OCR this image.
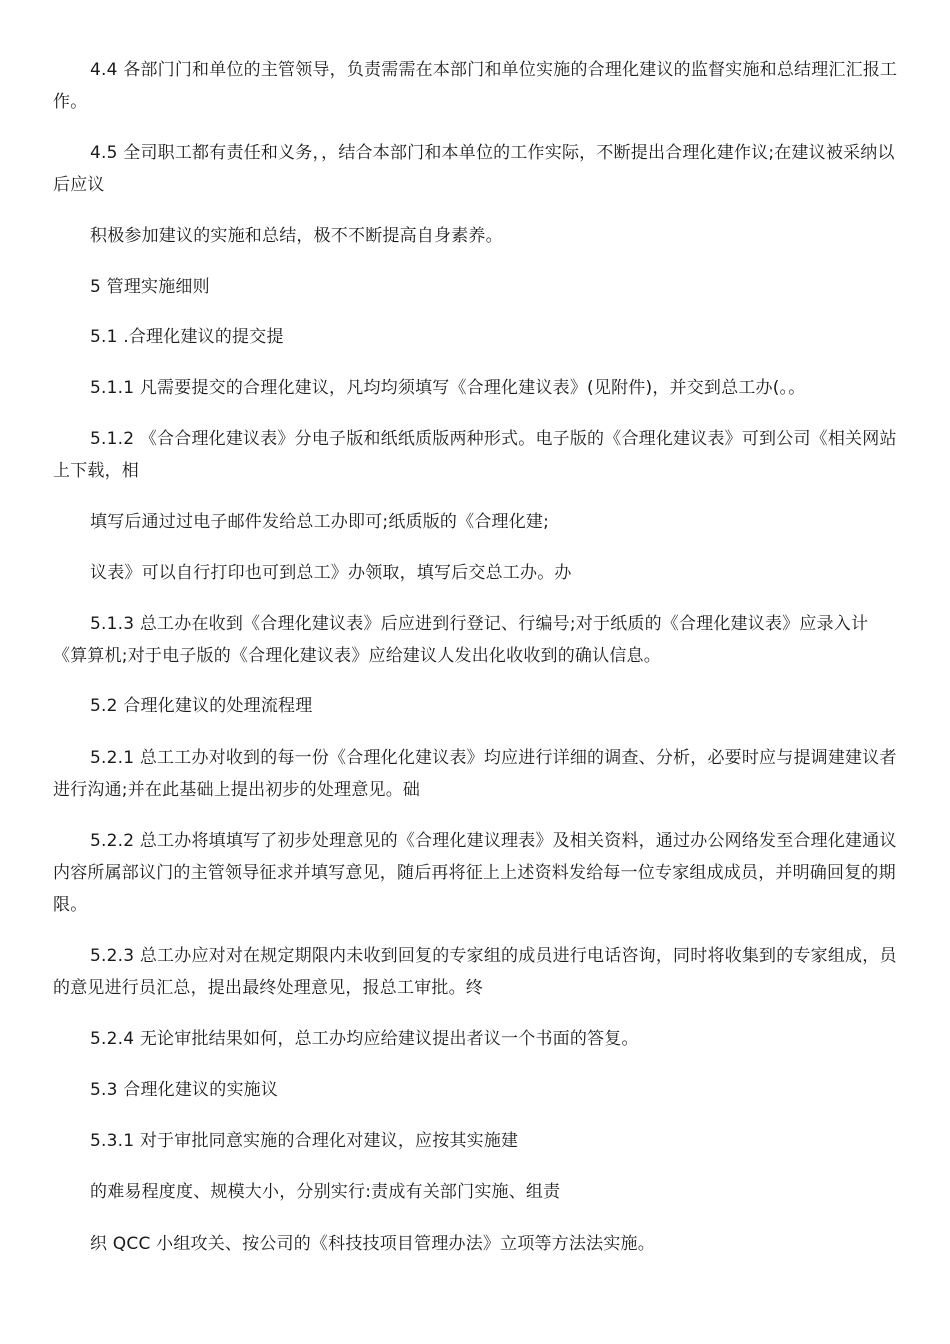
4.4 各部门门和单位的主管领导，负责需需在本部门和单位实施的合理化建议的监督实施和总结理汇汇报工作。

4.5 全司职工都有责任和义务，，结合本部门和本单位的工作实际，不断提出合理化建作议;在建议被采纳以后应议

积极参加建议的实施和总结，极不不断提高自身素养。

5 管理实施细则

5.1 .合理化建议的提交提

5.1.1 凡需要提交的合理化建议，凡均均须填写《合理化建议表》(见附件)，并交到总工办(。。

5.1.2 《合合理化建议表》分电子版和纸纸质版两种形式。电子版的《合理化建议表》可到公司《相关网站上下载，相

填写后通过过电子邮件发给总工办即可;纸质版的《合理化建;

议表》可以自行打印也可到总工》办领取，填写后交总工办。办

5.1.3 总工办在收到《合理化建议表》后应进到行登记、行编号;对于纸质的《合理化建议表》应录入计《算算机;对于电子版的《合理化建议表》应给建议人发出化收收到的确认信息。

5.2 合理化建议的处理流程理

5.2.1 总工工办对收到的每一份《合理化化建议表》均应进行详细的调查、分析，必要时应与提调建建议者进行沟通;并在此基础上提出初步的处理意见。础

5.2.2 总工办将填填写了初步处理意见的《合理化建议理表》及相关资料，通过办公网络发至合理化建通议内容所属部议门的主管领导征求并填写意见，随后再将征上上述资料发给每一位专家组成成员，并明确回复的期限。

5.2.3 总工办应对对在规定期限内未收到回复的专家组的成员进行电话咨询，同时将收集到的专家组成，员的意见进行员汇总，提出最终处理意见，报总工审批。终

5.2.4 无论审批结果如何，总工办均应给建议提出者议一个书面的答复。

5.3 合理化建议的实施议

5.3.1 对于审批同意实施的合理化对建议，应按其实施建

的难易程度度、规模大小，分别实行:责成有关部门实施、组责

织 QCC 小组攻关、按公司的《科技技项目管理办法》立项等方法法实施。
